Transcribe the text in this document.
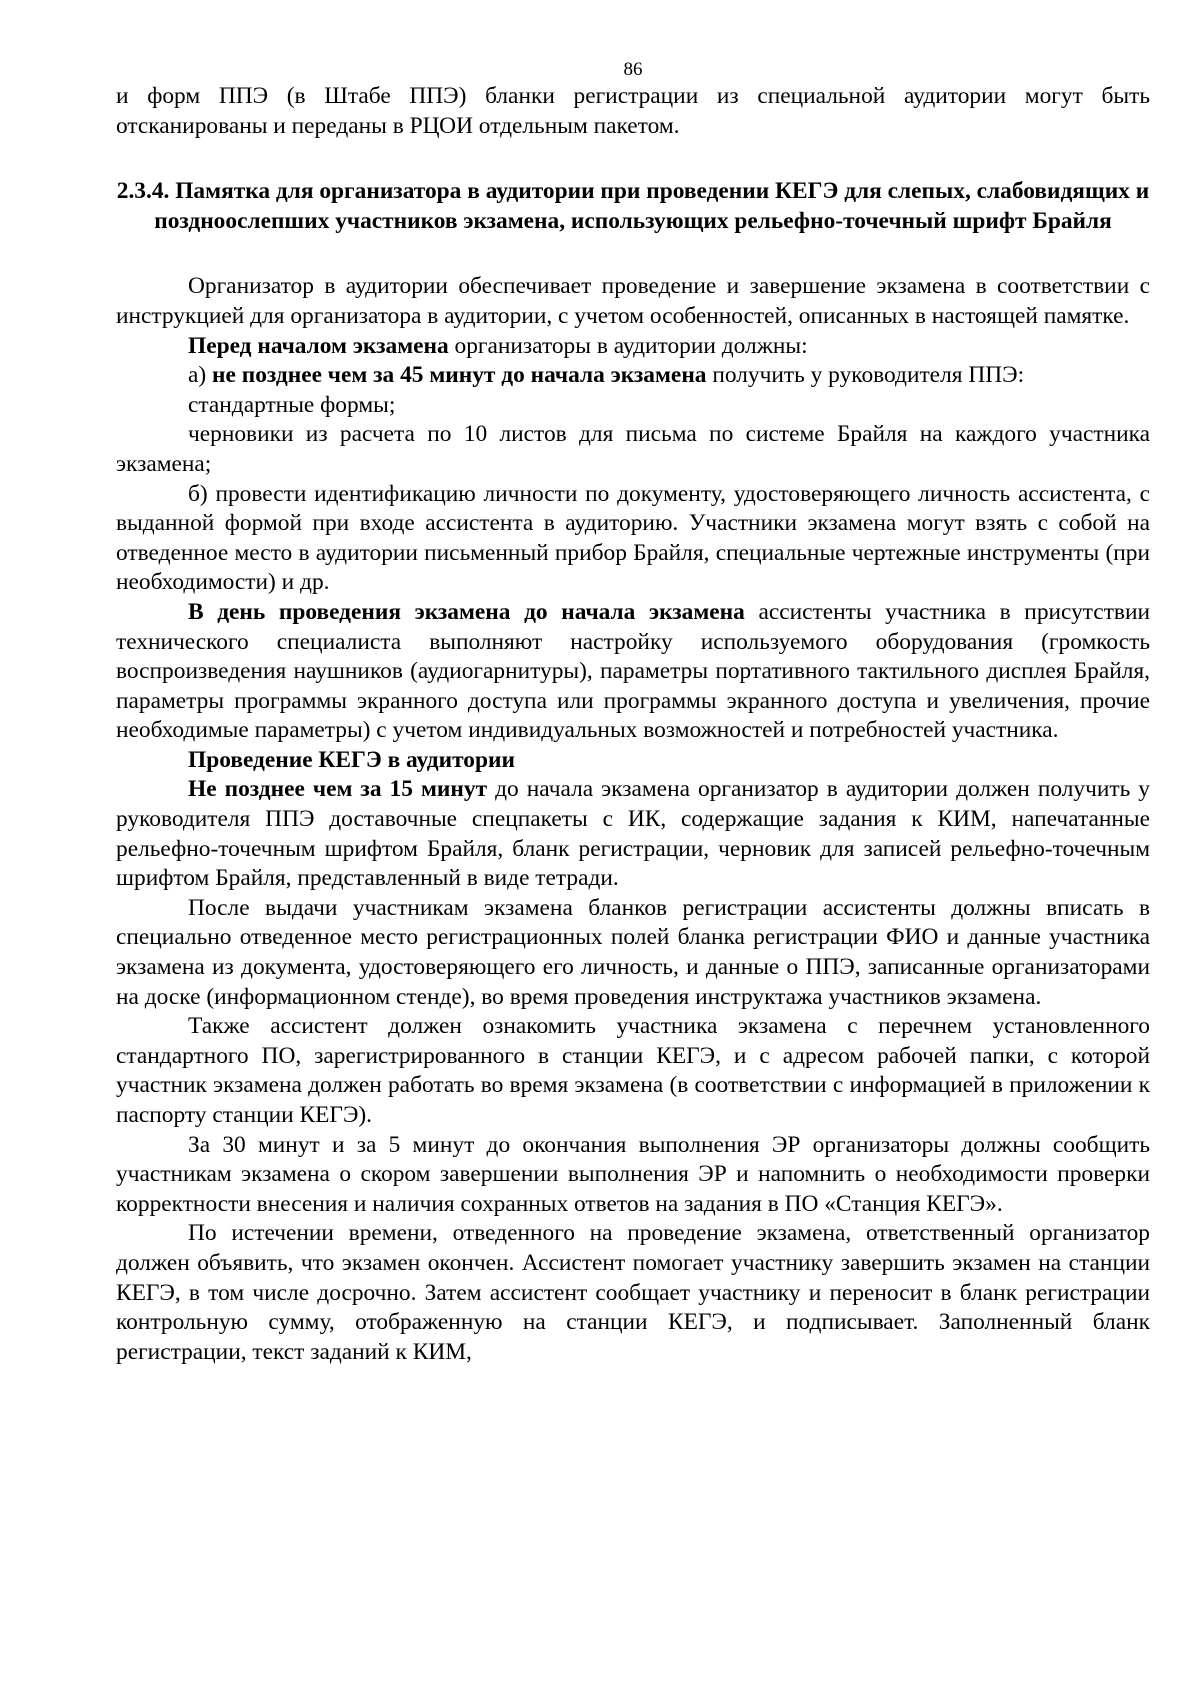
86

и форм ППЭ (в Штабе ППЭ) бланки регистрации из специальной аудитории могут быть отсканированы и переданы в РЦОИ отдельным пакетом.

2.3.4. Памятка для организатора в аудитории при проведении КЕГЭ для слепых, слабовидящих и поздноослепших участников экзамена, использующих рельефно-точечный шрифт Брайля

Организатор в аудитории обеспечивает проведение и завершение экзамена в соответствии с инструкцией для организатора в аудитории, с учетом особенностей, описанных в настоящей памятке.

Перед началом экзамена организаторы в аудитории должны:

а) не позднее чем за 45 минут до начала экзамена получить у руководителя ППЭ:

стандартные формы;

черновики из расчета по 10 листов для письма по системе Брайля на каждого участника экзамена;

б) провести идентификацию личности по документу, удостоверяющего личность ассистента, с выданной формой при входе ассистента в аудиторию. Участники экзамена могут взять с собой на отведенное место в аудитории письменный прибор Брайля, специальные чертежные инструменты (при необходимости) и др.

В день проведения экзамена до начала экзамена ассистенты участника в присутствии технического специалиста выполняют настройку используемого оборудования (громкость воспроизведения наушников (аудиогарнитуры), параметры портативного тактильного дисплея Брайля, параметры программы экранного доступа или программы экранного доступа и увеличения, прочие необходимые параметры) с учетом индивидуальных возможностей и потребностей участника.

Проведение КЕГЭ в аудитории

Не позднее чем за 15 минут до начала экзамена организатор в аудитории должен получить у руководителя ППЭ доставочные спецпакеты с ИК, содержащие задания к КИМ, напечатанные рельефно-точечным шрифтом Брайля, бланк регистрации, черновик для записей рельефно-точечным шрифтом Брайля, представленный в виде тетради.

После выдачи участникам экзамена бланков регистрации ассистенты должны вписать в специально отведенное место регистрационных полей бланка регистрации ФИО и данные участника экзамена из документа, удостоверяющего его личность, и данные о ППЭ, записанные организаторами на доске (информационном стенде), во время проведения инструктажа участников экзамена.

Также ассистент должен ознакомить участника экзамена с перечнем установленного стандартного ПО, зарегистрированного в станции КЕГЭ, и с адресом рабочей папки, с которой участник экзамена должен работать во время экзамена (в соответствии с информацией в приложении к паспорту станции КЕГЭ).

За 30 минут и за 5 минут до окончания выполнения ЭР организаторы должны сообщить участникам экзамена о скором завершении выполнения ЭР и напомнить о необходимости проверки корректности внесения и наличия сохранных ответов на задания в ПО «Станция КЕГЭ».

По истечении времени, отведенного на проведение экзамена, ответственный организатор должен объявить, что экзамен окончен. Ассистент помогает участнику завершить экзамен на станции КЕГЭ, в том числе досрочно. Затем ассистент сообщает участнику и переносит в бланк регистрации контрольную сумму, отображенную на станции КЕГЭ, и подписывает. Заполненный бланк регистрации, текст заданий к КИМ,
